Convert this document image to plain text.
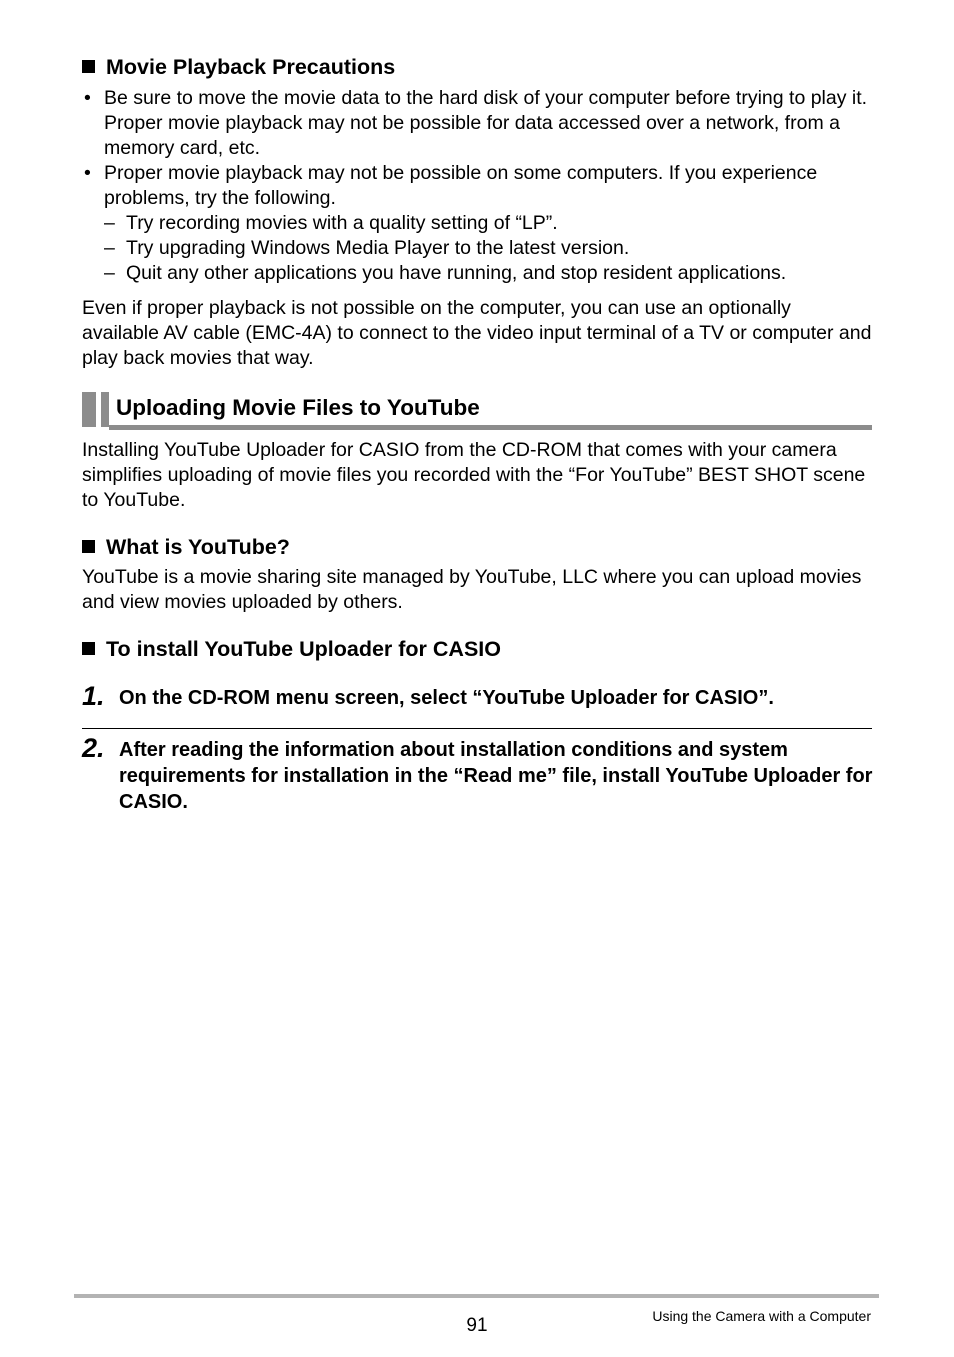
Movie Playback Precautions
• Be sure to move the movie data to the hard disk of your computer before trying to play it. Proper movie playback may not be possible for data accessed over a network, from a memory card, etc.
• Proper movie playback may not be possible on some computers. If you experience problems, try the following.
– Try recording movies with a quality setting of “LP”.
– Try upgrading Windows Media Player to the latest version.
– Quit any other applications you have running, and stop resident applications.
Even if proper playback is not possible on the computer, you can use an optionally available AV cable (EMC-4A) to connect to the video input terminal of a TV or computer and play back movies that way.
Uploading Movie Files to YouTube
Installing YouTube Uploader for CASIO from the CD-ROM that comes with your camera simplifies uploading of movie files you recorded with the “For YouTube” BEST SHOT scene to YouTube.
What is YouTube?
YouTube is a movie sharing site managed by YouTube, LLC where you can upload movies and view movies uploaded by others.
To install YouTube Uploader for CASIO
1. On the CD-ROM menu screen, select “YouTube Uploader for CASIO”.
2. After reading the information about installation conditions and system requirements for installation in the “Read me” file, install YouTube Uploader for CASIO.
91	Using the Camera with a Computer
